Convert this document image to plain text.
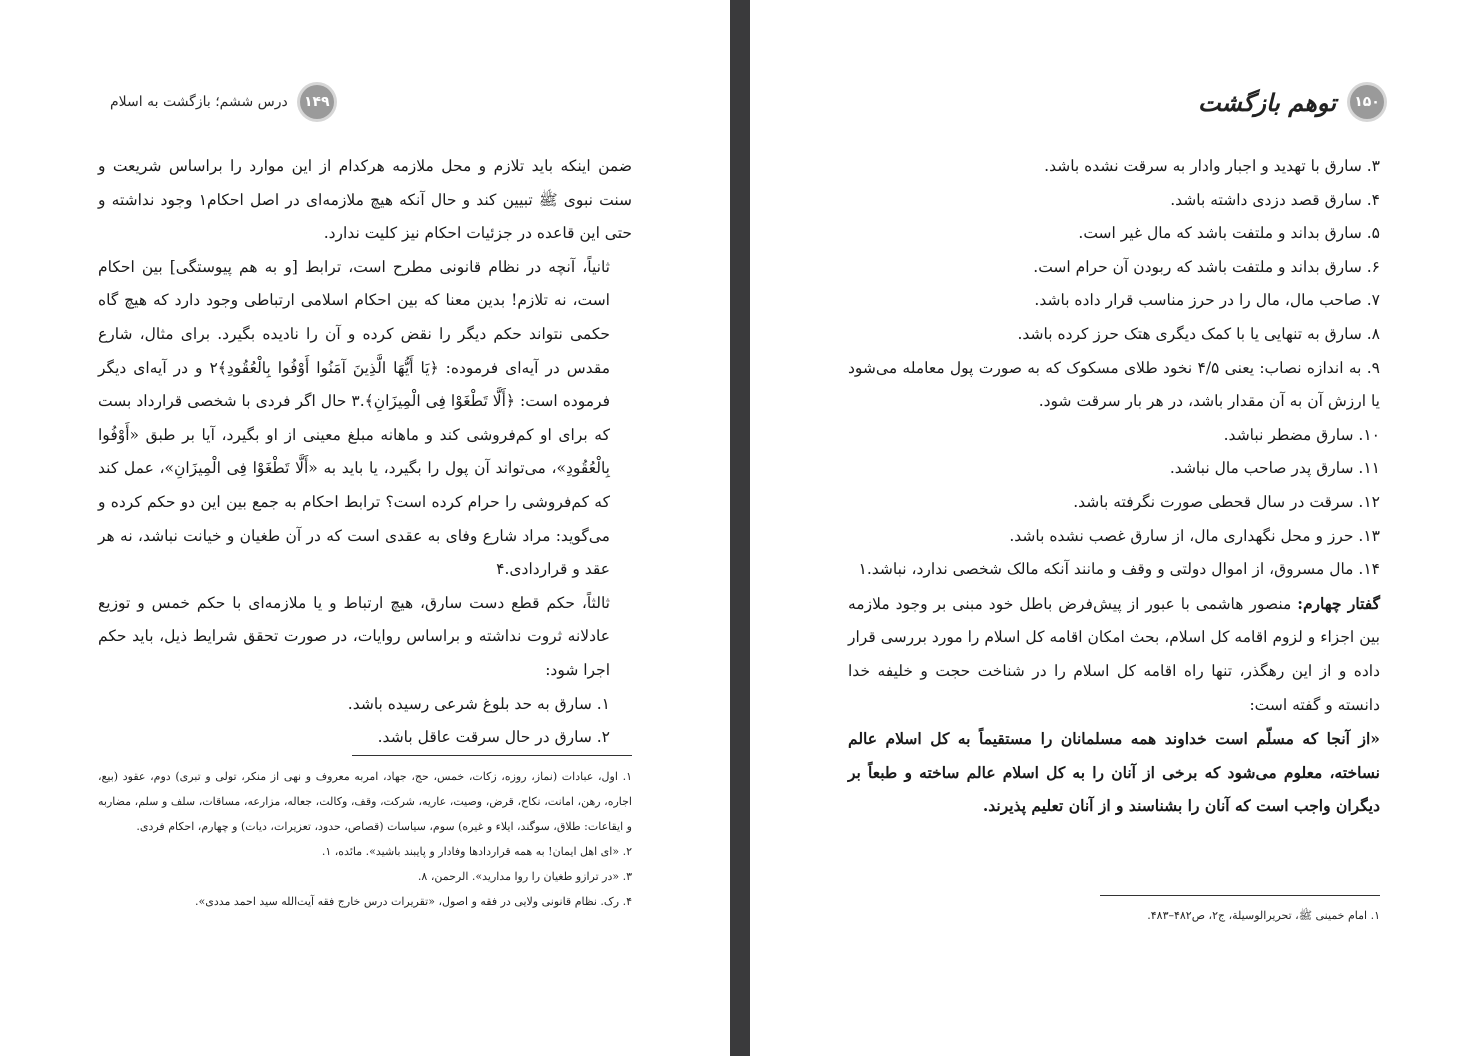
۱۴۹
درس ششم؛ بازگشت به اسلام

ضمن اینکه باید تلازم و محل ملازمه هرکدام از این موارد را براساس شریعت و سنت نبوی ﷺ تبیین کند و حال آنکه هیچ ملازمه‌ای در اصل احکام۱ وجود نداشته و حتی این قاعده در جزئیات احکام نیز کلیت ندارد.

ثانیاً، آنچه در نظام قانونی مطرح است، ترابط [و به هم پیوستگی] بین احکام است، نه تلازم! بدین معنا که بین احکام اسلامی ارتباطی وجود دارد که هیچ گاه حکمی نتواند حکم دیگر را نقض کرده و آن را نادیده بگیرد. برای مثال، شارع مقدس در آیه‌ای فرموده: ﴿یَا أَیُّهَا الَّذِینَ آمَنُوا أَوْفُوا بِالْعُقُودِ﴾۲ و در آیه‌ای دیگر فرموده است: ﴿أَلَّا تَطْغَوْا فِی الْمِیزَانِ﴾.۳ حال اگر فردی با شخصی قرارداد بست که برای او کم‌فروشی کند و ماهانه مبلغ معینی از او بگیرد، آیا بر طبق «أَوْفُوا بِالْعُقُودِ»، می‌تواند آن پول را بگیرد، یا باید به «أَلَّا تَطْغَوْا فِی الْمِیزَانِ»، عمل کند که کم‌فروشی را حرام کرده است؟ ترابط احکام به جمع بین این دو حکم کرده و می‌گوید: مراد شارع وفای به عقدی است که در آن طغیان و خیانت نباشد، نه هر عقد و قراردادی.۴

ثالثاً، حکم قطع دست سارق، هیچ ارتباط و یا ملازمه‌ای با حکم خمس و توزیع عادلانه ثروت نداشته و براساس روایات، در صورت تحقق شرایط ذیل، باید حکم اجرا شود:

۱. سارق به حد بلوغ شرعی رسیده باشد.

۲. سارق در حال سرقت عاقل باشد.

۱. اول، عبادات (نماز، روزه، زکات، خمس، حج، جهاد، امربه معروف و نهی از منکر، تولی و تبری) دوم، عقود (بیع، اجاره، رهن، امانت، نکاح، قرض، وصیت، عاریه، شرکت، وقف، وکالت، جعاله، مزارعه، مساقات، سلف و سلم، مضاربه و ایقاعات: طلاق، سوگند، ایلاء و غیره) سوم، سیاسات (قصاص، حدود، تعزیرات، دیات) و چهارم، احکام فردی.

۲. «ای اهل ایمان! به همه قراردادها وفادار و پایبند باشید». مائده، ۱.

۳. «در ترازو طغیان را روا مدارید». الرحمن، ۸.

۴. رک. نظام قانونی ولایی در فقه و اصول، «تقریرات درس خارج فقه آیت‌الله سید احمد مددی».

۱۵۰
توهم بازگشت

۳. سارق با تهدید و اجبار وادار به سرقت نشده باشد.

۴. سارق قصد دزدی داشته باشد.

۵. سارق بداند و ملتفت باشد که مال غیر است.

۶. سارق بداند و ملتفت باشد که ربودن آن حرام است.

۷. صاحب مال، مال را در حرز مناسب قرار داده باشد.

۸. سارق به تنهایی یا با کمک دیگری هتک حرز کرده باشد.

۹. به اندازه نصاب: یعنی ۴/۵ نخود طلای مسکوک که به صورت پول معامله می‌شود یا ارزش آن به آن مقدار باشد، در هر بار سرقت شود.

۱۰. سارق مضطر نباشد.

۱۱. سارق پدر صاحب مال نباشد.

۱۲. سرقت در سال قحطی صورت نگرفته باشد.

۱۳. حرز و محل نگهداری مال، از سارق غصب نشده باشد.

۱۴. مال مسروق، از اموال دولتی و وقف و مانند آنکه مالک شخصی ندارد، نباشد.۱

گفتار چهارم: منصور هاشمی با عبور از پیش‌فرض باطل خود مبنی بر وجود ملازمه بین اجزاء و لزوم اقامه کل اسلام، بحث امکان اقامه کل اسلام را مورد بررسی قرار داده و از این رهگذر، تنها راه اقامه کل اسلام را در شناخت حجت و خلیفه خدا دانسته و گفته است:

«از آنجا که مسلّم است خداوند همه مسلمانان را مستقیماً به کل اسلام عالم نساخته، معلوم می‌شود که برخی از آنان را به کل اسلام عالم ساخته و طبعاً بر دیگران واجب است که آنان را بشناسند و از آنان تعلیم پذیرند.

۱. امام خمینی ﷺ، تحریرالوسیلة، ج۲، ص۴۸۲–۴۸۳.
